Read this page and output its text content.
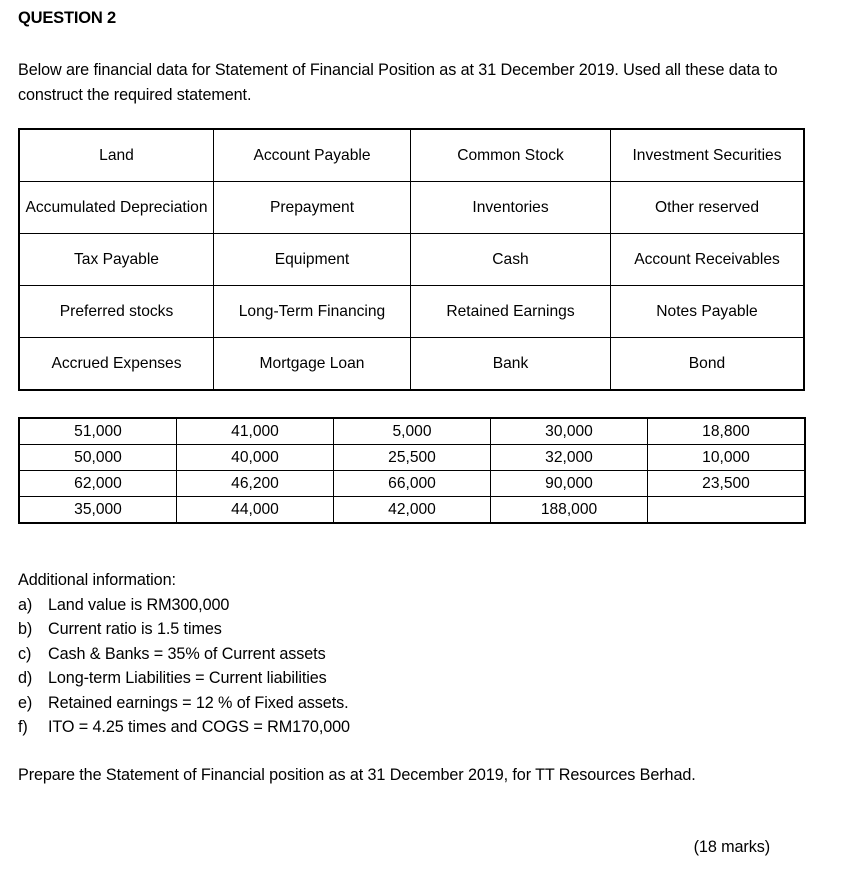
QUESTION 2
Below are financial data for Statement of Financial Position as at 31 December 2019. Used all these data to construct the required statement.
Land	Account Payable	Common Stock	Investment Securities
Accumulated Depreciation	Prepayment	Inventories	Other reserved
Tax Payable	Equipment	Cash	Account Receivables
Preferred stocks	Long-Term Financing	Retained Earnings	Notes Payable
Accrued Expenses	Mortgage Loan	Bank	Bond
51,000	41,000	5,000	30,000	18,800
50,000	40,000	25,500	32,000	10,000
62,000	46,200	66,000	90,000	23,500
35,000	44,000	42,000	188,000	
Additional information:
a) Land value is RM300,000
b) Current ratio is 1.5 times
c)	Cash & Banks = 35% of Current assets
d) Long-term Liabilities = Current liabilities
e) Retained earnings = 12 % of Fixed assets.
f)	ITO = 4.25 times and COGS = RM170,000
Prepare the Statement of Financial position as at 31 December 2019, for TT Resources Berhad.
(18 marks)
